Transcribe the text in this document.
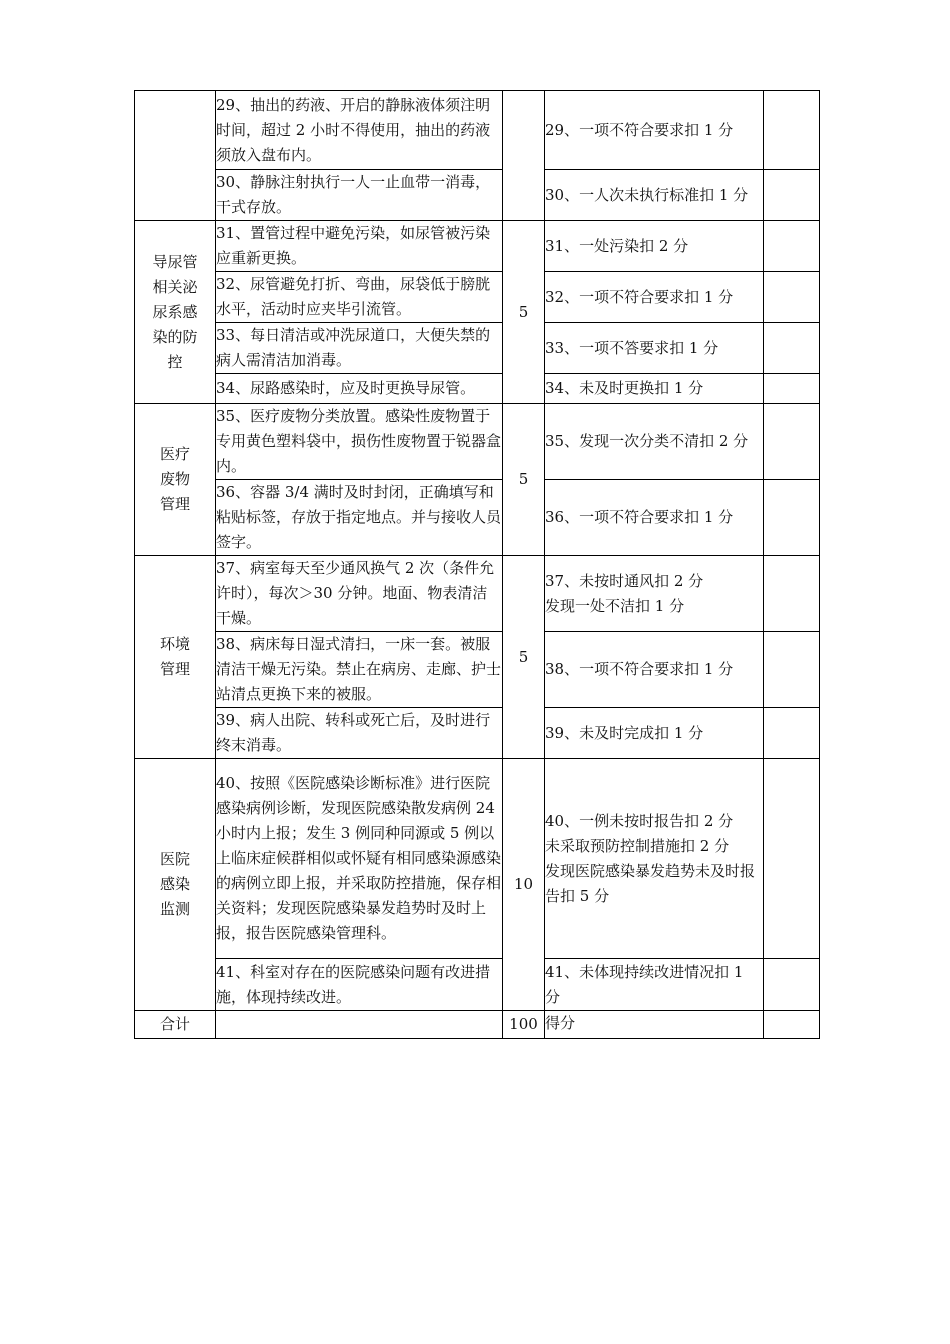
	29、抽出的药液、开启的静脉液体须注明时间，超过 2 小时不得使用，抽出的药液须放入盘布内。		29、一项不符合要求扣 1 分	

	30、静脉注射执行一人一止血带一消毒，干式存放。		30、一人次未执行标准扣 1 分	

导尿管
相关泌
尿系感
染的防
控	31、置管过程中避免污染，如尿管被污染应重新更换。	5	31、一处污染扣 2 分	

	32、尿管避免打折、弯曲，尿袋低于膀胱水平，活动时应夹毕引流管。		32、一项不符合要求扣 1 分	

	33、每日清洁或冲洗尿道口，大便失禁的病人需清洁加消毒。		33、一项不答要求扣 1 分	

	34、尿路感染时，应及时更换导尿管。		34、未及时更换扣 1 分	

医疗
废物
管理	35、医疗废物分类放置。感染性废物置于专用黄色塑料袋中，损伤性废物置于锐器盒内。	5	35、发现一次分类不清扣 2 分	

	36、容器 3/4 满时及时封闭，正确填写和粘贴标签，存放于指定地点。并与接收人员签字。		36、一项不符合要求扣 1 分	

环境
管理	37、病室每天至少通风换气 2 次（条件允许时），每次＞30 分钟。地面、物表清洁干燥。	5	37、未按时通风扣 2 分
发现一处不洁扣 1 分	

	38、病床每日湿式清扫，一床一套。被服清洁干燥无污染。禁止在病房、走廊、护士站清点更换下来的被服。		38、一项不符合要求扣 1 分	

	39、病人出院、转科或死亡后，及时进行终末消毒。		39、未及时完成扣 1 分	

医院
感染
监测	40、按照《医院感染诊断标准》进行医院感染病例诊断，发现医院感染散发病例 24 小时内上报；发生 3 例同种同源或 5 例以上临床症候群相似或怀疑有相同感染源感染的病例立即上报，并采取防控措施，保存相关资料；发现医院感染暴发趋势时及时上报，报告医院感染管理科。	10	40、一例未按时报告扣 2 分
未采取预防控制措施扣 2 分
发现医院感染暴发趋势未及时报告扣 5 分	

	41、科室对存在的医院感染问题有改进措施，体现持续改进。		41、未体现持续改进情况扣 1 分	

合计		100	得分	
